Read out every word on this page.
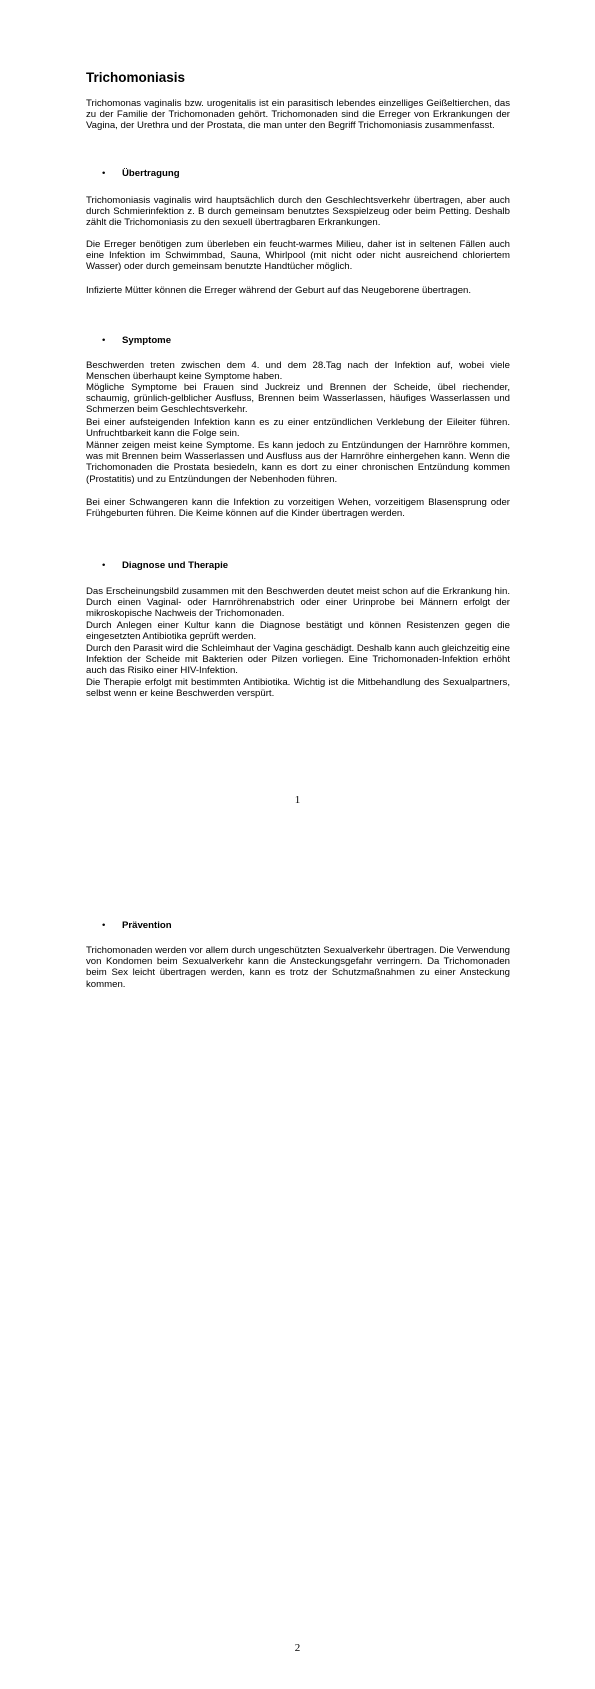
Trichomoniasis

Trichomonas vaginalis bzw. urogenitalis ist ein parasitisch lebendes einzelliges Geißeltierchen, das zu der Familie der Trichomonaden gehört. Trichomonaden sind die Erreger von Erkrankungen der Vagina, der Urethra und der Prostata, die man unter den Begriff Trichomoniasis zusammenfasst.

• Übertragung

Trichomoniasis vaginalis wird hauptsächlich durch den Geschlechtsverkehr übertragen, aber auch durch Schmierinfektion z. B durch gemeinsam benutztes Sexspielzeug oder beim Petting. Deshalb zählt die Trichomoniasis zu den sexuell übertragbaren Erkrankungen.

Die Erreger benötigen zum überleben ein feucht-warmes Milieu, daher ist in seltenen Fällen auch eine Infektion im Schwimmbad, Sauna, Whirlpool (mit nicht oder nicht ausreichend chloriertem Wasser) oder durch gemeinsam benutzte Handtücher möglich.

Infizierte Mütter können die Erreger während der Geburt auf das Neugeborene übertragen.

• Symptome

Beschwerden treten zwischen dem 4. und dem 28.Tag nach der Infektion auf, wobei viele Menschen überhaupt keine Symptome haben.

Mögliche Symptome bei Frauen sind Juckreiz und Brennen der Scheide, übel riechender, schaumig, grünlich-gelblicher Ausfluss, Brennen beim Wasserlassen, häufiges Wasserlassen und Schmerzen beim Geschlechtsverkehr.

Bei einer aufsteigenden Infektion kann es zu einer entzündlichen Verklebung der Eileiter führen. Unfruchtbarkeit kann die Folge sein.

Männer zeigen meist keine Symptome. Es kann jedoch zu Entzündungen der Harnröhre kommen, was mit Brennen beim Wasserlassen und Ausfluss aus der Harnröhre einhergehen kann. Wenn die Trichomonaden die Prostata besiedeln, kann es dort zu einer chronischen Entzündung kommen (Prostatitis) und zu Entzündungen der Nebenhoden führen.

Bei einer Schwangeren kann die Infektion zu vorzeitigen Wehen, vorzeitigem Blasensprung oder Frühgeburten führen. Die Keime können auf die Kinder übertragen werden.

• Diagnose und Therapie

Das Erscheinungsbild zusammen mit den Beschwerden deutet meist schon auf die Erkrankung hin. Durch einen Vaginal- oder Harnröhrenabstrich oder einer Urinprobe bei Männern erfolgt der mikroskopische Nachweis der Trichomonaden.

Durch Anlegen einer Kultur kann die Diagnose bestätigt und können Resistenzen gegen die eingesetzten Antibiotika geprüft werden.

Durch den Parasit wird die Schleimhaut der Vagina geschädigt. Deshalb kann auch gleichzeitig eine Infektion der Scheide mit Bakterien oder Pilzen vorliegen. Eine Trichomonaden-Infektion erhöht auch das Risiko einer HIV-Infektion.

Die Therapie erfolgt mit bestimmten Antibiotika. Wichtig ist die Mitbehandlung des Sexualpartners, selbst wenn er keine Beschwerden verspürt.

1

• Prävention

Trichomonaden werden vor allem durch ungeschützten Sexualverkehr übertragen. Die Verwendung von Kondomen beim Sexualverkehr kann die Ansteckungsgefahr verringern. Da Trichomonaden beim Sex leicht übertragen werden, kann es trotz der Schutzmaßnahmen zu einer Ansteckung kommen.

2
